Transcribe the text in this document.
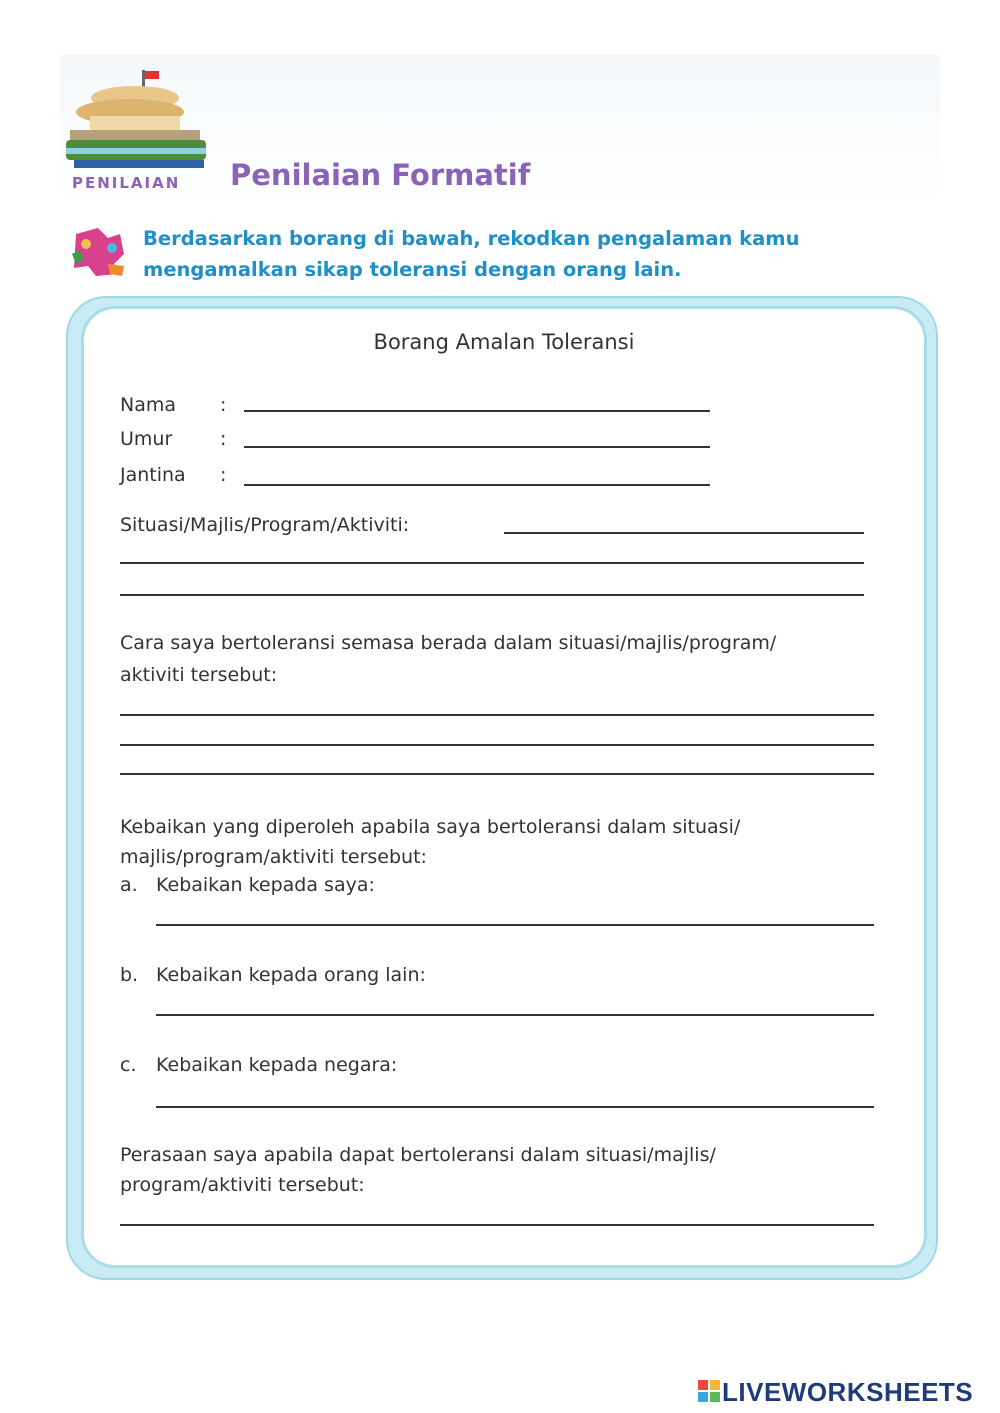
PENILAIAN Penilaian Formatif
Berdasarkan borang di bawah, rekodkan pengalaman kamu
mengamalkan sikap toleransi dengan orang lain.
Borang Amalan Toleransi
Nama :
Umur	:
Jantina :
Situasi/Majlis/Program/Aktiviti:
Cara saya bertoleransi semasa berada dalam situasi/majlis/program/
aktiviti tersebut:
Kebaikan yang diperoleh apabila saya bertoleransi dalam situasi/
majlis/program/aktiviti tersebut:
a. Kebaikan kepada saya:
b. Kebaikan kepada orang lain:
c. Kebaikan kepada negara:
Perasaan saya apabila dapat bertoleransi dalam situasi/majlis/
program/aktiviti tersebut:
LIVEWORKSHEETS
